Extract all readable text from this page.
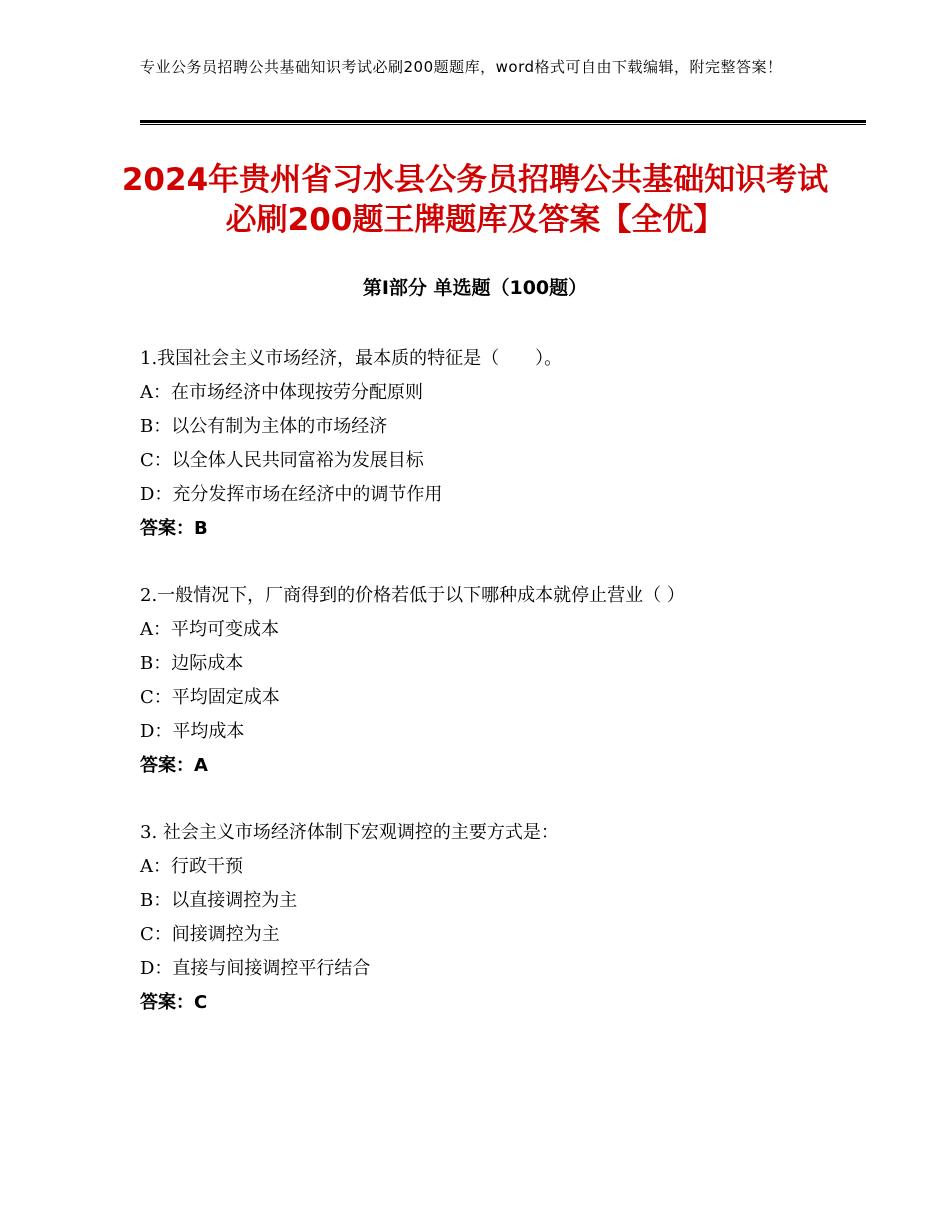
专业公务员招聘公共基础知识考试必刷200题题库，word格式可自由下载编辑，附完整答案！
2024年贵州省习水县公务员招聘公共基础知识考试必刷200题王牌题库及答案【全优】
第Ⅰ部分 单选题（100题）
1.我国社会主义市场经济，最本质的特征是（　　）。
A：在市场经济中体现按劳分配原则
B：以公有制为主体的市场经济
C：以全体人民共同富裕为发展目标
D：充分发挥市场在经济中的调节作用
答案：B
2.一般情况下，厂商得到的价格若低于以下哪种成本就停止营业（ ）
A：平均可变成本
B：边际成本
C：平均固定成本
D：平均成本
答案：A
3. 社会主义市场经济体制下宏观调控的主要方式是：
A：行政干预
B：以直接调控为主
C：间接调控为主
D：直接与间接调控平行结合
答案：C
